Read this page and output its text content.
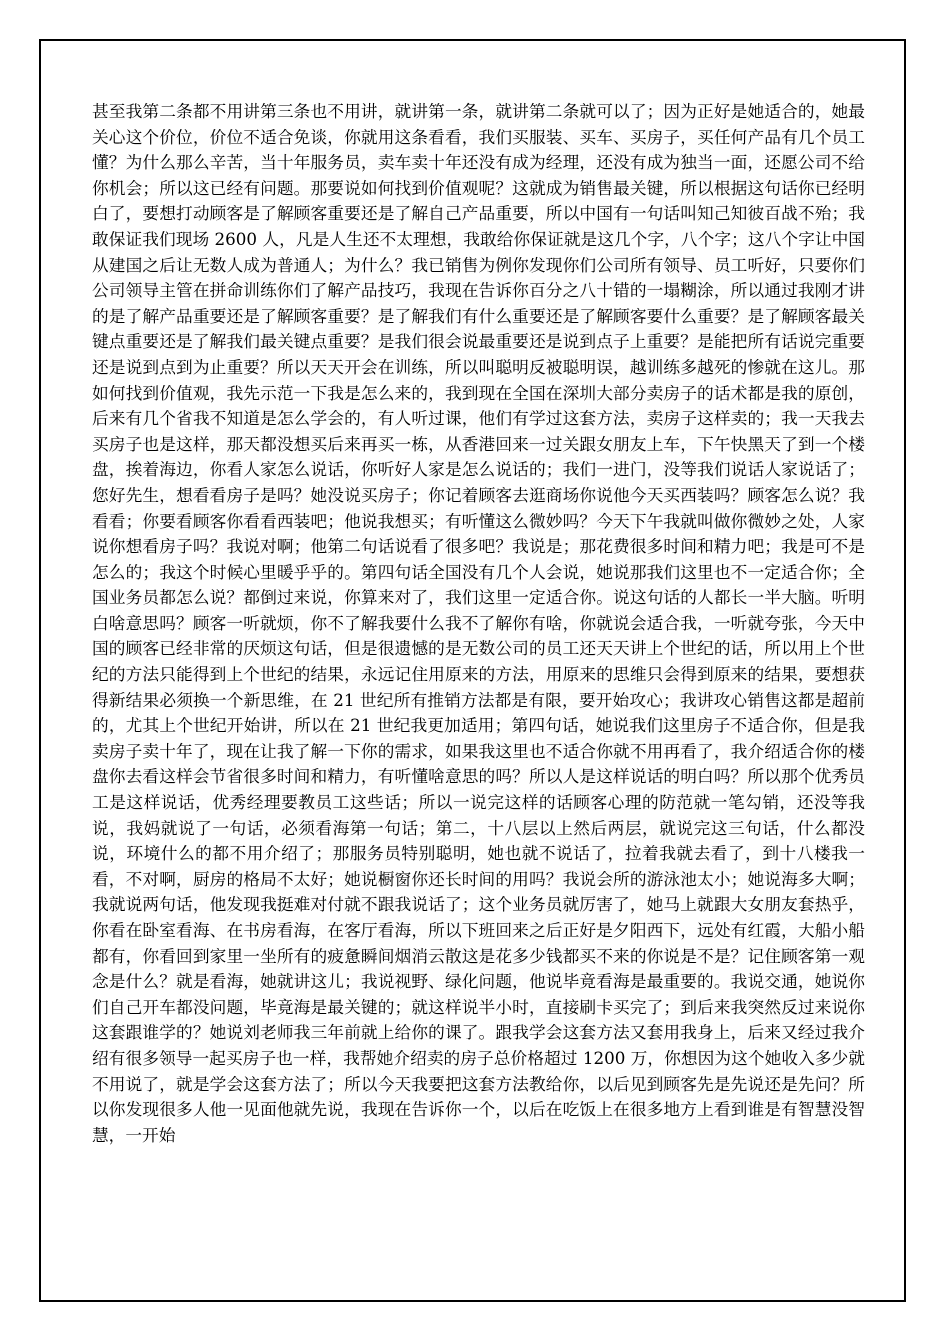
甚至我第二条都不用讲第三条也不用讲，就讲第一条，就讲第二条就可以了；因为正好是她适合的，她最关心这个价位，价位不适合免谈，你就用这条看看，我们买服装、买车、买房子，买任何产品有几个员工懂？为什么那么辛苦，当十年服务员，卖车卖十年还没有成为经理，还没有成为独当一面，还愿公司不给你机会；所以这已经有问题。那要说如何找到价值观呢？这就成为销售最关键，所以根据这句话你已经明白了，要想打动顾客是了解顾客重要还是了解自己产品重要，所以中国有一句话叫知己知彼百战不殆；我敢保证我们现场 2600 人，凡是人生还不太理想，我敢给你保证就是这几个字，八个字；这八个字让中国从建国之后让无数人成为普通人；为什么？我已销售为例你发现你们公司所有领导、员工听好，只要你们公司领导主管在拼命训练你们了解产品技巧，我现在告诉你百分之八十错的一塌糊涂，所以通过我刚才讲的是了解产品重要还是了解顾客重要？是了解我们有什么重要还是了解顾客要什么重要？是了解顾客最关键点重要还是了解我们最关键点重要？是我们很会说最重要还是说到点子上重要？是能把所有话说完重要还是说到点到为止重要？所以天天开会在训练，所以叫聪明反被聪明误，越训练多越死的惨就在这儿。那如何找到价值观，我先示范一下我是怎么来的，我到现在全国在深圳大部分卖房子的话术都是我的原创，后来有几个省我不知道是怎么学会的，有人听过课，他们有学过这套方法，卖房子这样卖的；我一天我去买房子也是这样，那天都没想买后来再买一栋，从香港回来一过关跟女朋友上车，下午快黑天了到一个楼盘，挨着海边，你看人家怎么说话，你听好人家是怎么说话的；我们一进门，没等我们说话人家说话了；您好先生，想看看房子是吗？她没说买房子；你记着顾客去逛商场你说他今天买西装吗？顾客怎么说？我看看；你要看顾客你看看西装吧；他说我想买；有听懂这么微妙吗？今天下午我就叫做你微妙之处，人家说你想看房子吗？我说对啊；他第二句话说看了很多吧？我说是；那花费很多时间和精力吧；我是可不是怎么的；我这个时候心里暖乎乎的。第四句话全国没有几个人会说，她说那我们这里也不一定适合你；全国业务员都怎么说？都倒过来说，你算来对了，我们这里一定适合你。说这句话的人都长一半大脑。听明白啥意思吗？顾客一听就烦，你不了解我要什么我不了解你有啥，你就说会适合我，一听就夸张，今天中国的顾客已经非常的厌烦这句话，但是很遗憾的是无数公司的员工还天天讲上个世纪的话，所以用上个世纪的方法只能得到上个世纪的结果，永远记住用原来的方法，用原来的思维只会得到原来的结果，要想获得新结果必须换一个新思维，在 21 世纪所有推销方法都是有限，要开始攻心；我讲攻心销售这都是超前的，尤其上个世纪开始讲，所以在 21 世纪我更加适用；第四句话，她说我们这里房子不适合你，但是我卖房子卖十年了，现在让我了解一下你的需求，如果我这里也不适合你就不用再看了，我介绍适合你的楼盘你去看这样会节省很多时间和精力，有听懂啥意思的吗？所以人是这样说话的明白吗？所以那个优秀员工是这样说话，优秀经理要教员工这些话；所以一说完这样的话顾客心理的防范就一笔勾销，还没等我说，我妈就说了一句话，必须看海第一句话；第二，十八层以上然后两层，就说完这三句话，什么都没说，环境什么的都不用介绍了；那服务员特别聪明，她也就不说话了，拉着我就去看了，到十八楼我一看，不对啊，厨房的格局不太好；她说橱窗你还长时间的用吗？我说会所的游泳池太小；她说海多大啊；我就说两句话，他发现我挺难对付就不跟我说话了；这个业务员就厉害了，她马上就跟大女朋友套热乎，你看在卧室看海、在书房看海，在客厅看海，所以下班回来之后正好是夕阳西下，远处有红霞，大船小船都有，你看回到家里一坐所有的疲惫瞬间烟消云散这是花多少钱都买不来的你说是不是？记住顾客第一观念是什么？就是看海，她就讲这儿；我说视野、绿化问题，他说毕竟看海是最重要的。我说交通，她说你们自己开车都没问题，毕竟海是最关键的；就这样说半小时，直接刷卡买完了；到后来我突然反过来说你这套跟谁学的？她说刘老师我三年前就上给你的课了。跟我学会这套方法又套用我身上，后来又经过我介绍有很多领导一起买房子也一样，我帮她介绍卖的房子总价格超过 1200 万，你想因为这个她收入多少就不用说了，就是学会这套方法了；所以今天我要把这套方法教给你，以后见到顾客先是先说还是先问？所以你发现很多人他一见面他就先说，我现在告诉你一个，以后在吃饭上在很多地方上看到谁是有智慧没智慧，一开始
